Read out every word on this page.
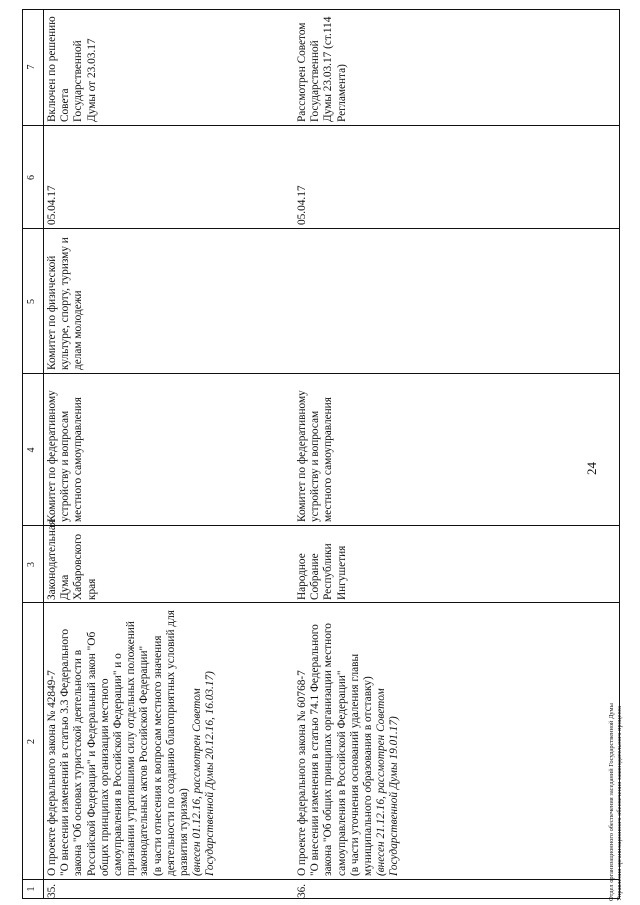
24
1
2
3
4
5
6
7
35.
О проекте федерального закона № 42849-7
"О внесении изменений в статью 3.3 Федерального закона "Об основах туристской деятельности в Российской Федерации" и Федеральный закон "Об общих принципах организации местного самоуправления в Российской Федерации" и о признании утратившими силу отдельных положений законодательных актов Российской Федерации"
(в части отнесения к вопросам местного значения деятельности по созданию благоприятных условий для развития туризма)
(внесен 01.12.16, рассмотрен Советом Государственной Думы 20.12.16, 16.03.17)
Законодательная Дума Хабаровского края
Комитет по федеративному устройству и вопросам местного самоуправления
Комитет по физической культуре, спорту, туризму и делам молодежи
05.04.17
Включен по решению Совета Государственной Думы от 23.03.17
36.
О проекте федерального закона № 60768-7
"О внесении изменения в статью 74.1 Федерального закона "Об общих принципах организации местного самоуправления в Российской Федерации"
(в части уточнения оснований удаления главы муниципального образования в отставку)
(внесен 21.12.16, рассмотрен Советом Государственной Думы 19.01.17)
Народное Собрание Республики Ингушетия
Комитет по федеративному устройству и вопросам местного самоуправления
05.04.17
Рассмотрен Советом Государственной Думы 23.03.17 (ст.114 Регламента)
Отдел организационного обеспечения заседаний Государственной Думы Управления организационного обеспечения законодательного процесса
